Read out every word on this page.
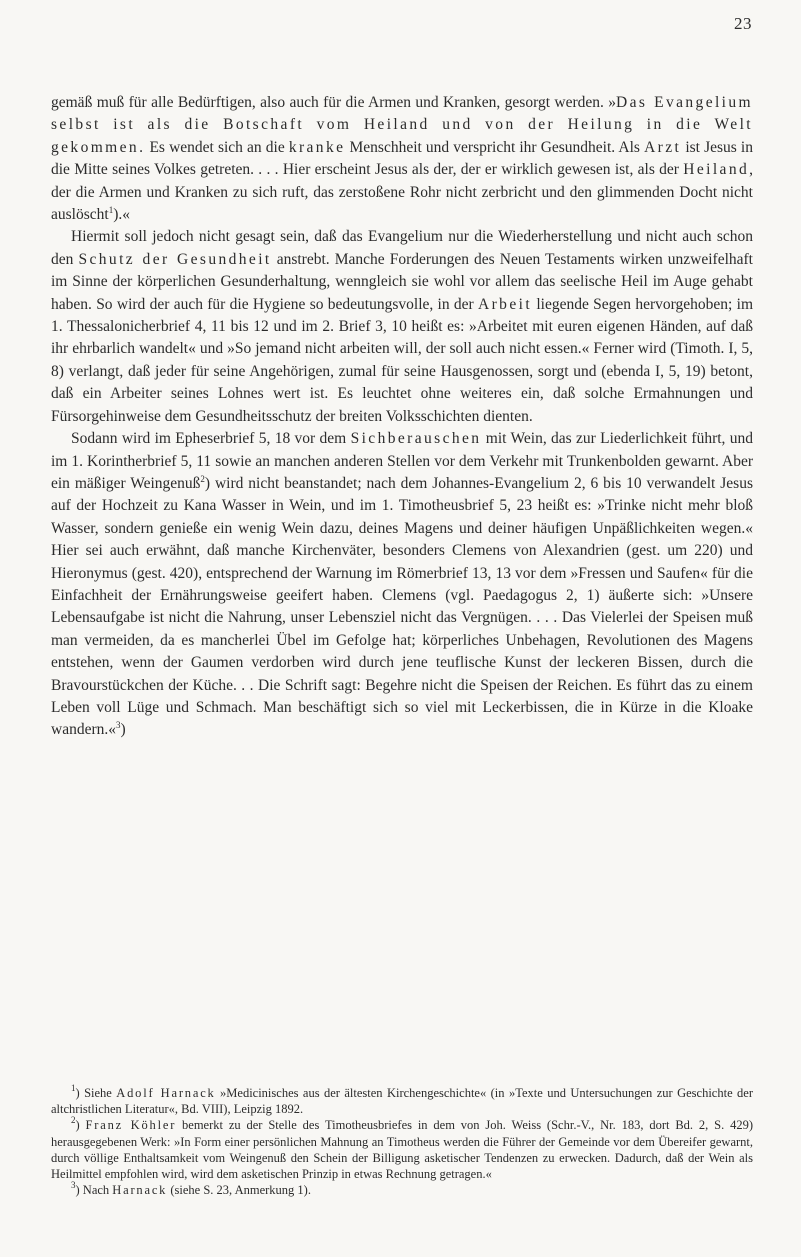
23

gemäß muß für alle Bedürftigen, also auch für die Armen und Kranken, gesorgt werden. »Das Evangelium selbst ist als die Botschaft vom Heiland und von der Heilung in die Welt gekommen. Es wendet sich an die kranke Menschheit und verspricht ihr Gesundheit. Als Arzt ist Jesus in die Mitte seines Volkes getreten. . . . Hier erscheint Jesus als der, der er wirklich gewesen ist, als der Heiland, der die Armen und Kranken zu sich ruft, das zerstoßene Rohr nicht zerbricht und den glimmenden Docht nicht auslöscht$^1$).«

Hiermit soll jedoch nicht gesagt sein, daß das Evangelium nur die Wiederherstellung und nicht auch schon den Schutz der Gesundheit anstrebt. Manche Forderungen des Neuen Testaments wirken unzweifelhaft im Sinne der körperlichen Gesunderhaltung, wenngleich sie wohl vor allem das seelische Heil im Auge gehabt haben. So wird der auch für die Hygiene so bedeutungsvolle, in der Arbeit liegende Segen hervorgehoben; im 1. Thessalonicherbrief 4, 11 bis 12 und im 2. Brief 3, 10 heißt es: »Arbeitet mit euren eigenen Händen, auf daß ihr ehrbarlich wandelt« und »So jemand nicht arbeiten will, der soll auch nicht essen.« Ferner wird (Timoth. I, 5, 8) verlangt, daß jeder für seine Angehörigen, zumal für seine Hausgenossen, sorgt und (ebenda I, 5, 19) betont, daß ein Arbeiter seines Lohnes wert ist. Es leuchtet ohne weiteres ein, daß solche Ermahnungen und Fürsorgehinweise dem Gesundheitsschutz der breiten Volksschichten dienten.

Sodann wird im Epheserbrief 5, 18 vor dem Sichberauschen mit Wein, das zur Liederlichkeit führt, und im 1. Korintherbrief 5, 11 sowie an manchen anderen Stellen vor dem Verkehr mit Trunkenbolden gewarnt. Aber ein mäßiger Weingenuß$^2$) wird nicht beanstandet; nach dem Johannes-Evangelium 2, 6 bis 10 verwandelt Jesus auf der Hochzeit zu Kana Wasser in Wein, und im 1. Timotheusbrief 5, 23 heißt es: »Trinke nicht mehr bloß Wasser, sondern genieße ein wenig Wein dazu, deines Magens und deiner häufigen Unpäßlichkeiten wegen.« Hier sei auch erwähnt, daß manche Kirchenväter, besonders Clemens von Alexandrien (gest. um 220) und Hieronymus (gest. 420), entsprechend der Warnung im Römerbrief 13, 13 vor dem »Fressen und Saufen« für die Einfachheit der Ernährungsweise geeifert haben. Clemens (vgl. Paedagogus 2, 1) äußerte sich: »Unsere Lebensaufgabe ist nicht die Nahrung, unser Lebensziel nicht das Vergnügen. . . . Das Vielerlei der Speisen muß man vermeiden, da es mancherlei Übel im Gefolge hat; körperliches Unbehagen, Revolutionen des Magens entstehen, wenn der Gaumen verdorben wird durch jene teuflische Kunst der leckeren Bissen, durch die Bravourstückchen der Küche. . . Die Schrift sagt: Begehre nicht die Speisen der Reichen. Es führt das zu einem Leben voll Lüge und Schmach. Man beschäftigt sich so viel mit Leckerbissen, die in Kürze in die Kloake wandern.«$^3$)

$^1$) Siehe Adolf Harnack »Medicinisches aus der ältesten Kirchengeschichte« (in »Texte und Untersuchungen zur Geschichte der altchristlichen Literatur«, Bd. VIII), Leipzig 1892.

$^2$) Franz Köhler bemerkt zu der Stelle des Timotheusbriefes in dem von Joh. Weiss (Schr.-V., Nr. 183, dort Bd. 2, S. 429) herausgegebenen Werk: »In Form einer persönlichen Mahnung an Timotheus werden die Führer der Gemeinde vor dem Übereifer gewarnt, durch völlige Enthaltsamkeit vom Weingenuß den Schein der Billigung asketischer Tendenzen zu erwecken. Dadurch, daß der Wein als Heilmittel empfohlen wird, wird dem asketischen Prinzip in etwas Rechnung getragen.«

$^3$) Nach Harnack (siehe S. 23, Anmerkung 1).
